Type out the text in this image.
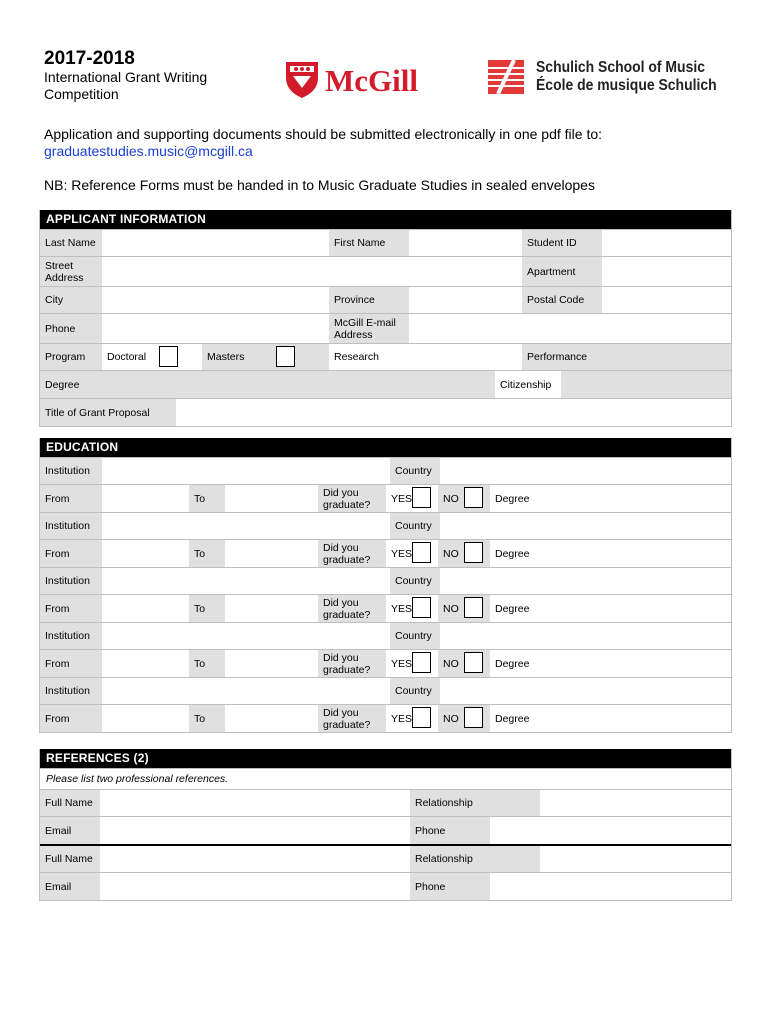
2017-2018
International Grant Writing
Competition	McGill	Schulich School of Music
École de musique Schulich
Application and supporting documents should be submitted electronically in one pdf file to:
graduatestudies.music@mcgill.ca
NB: Reference Forms must be handed in to Music Graduate Studies in sealed envelopes
APPLICANT INFORMATION
Last Name	First Name	Student ID
Street
Address	Apartment
City	Province	Postal Code
Phone	McGill E-mail
Address
Program	Doctoral	Masters	Research	Performance
Degree	Citizenship
Title of Grant Proposal
EDUCATION
Institution	Country
From	To	Did you
graduate?	YES	NO	Degree
Institution	Country
From	To	Did you
graduate?	YES	NO	Degree
Institution	Country
From	To	Did you
graduate?	YES	NO	Degree
Institution	Country
From	To	Did you
graduate?	YES	NO	Degree
Institution	Country
From	To	Did you
graduate?	YES	NO	Degree
REFERENCES (2)
Please list two professional references.
Full Name	Relationship
Email	Phone
Full Name	Relationship
Email	Phone
